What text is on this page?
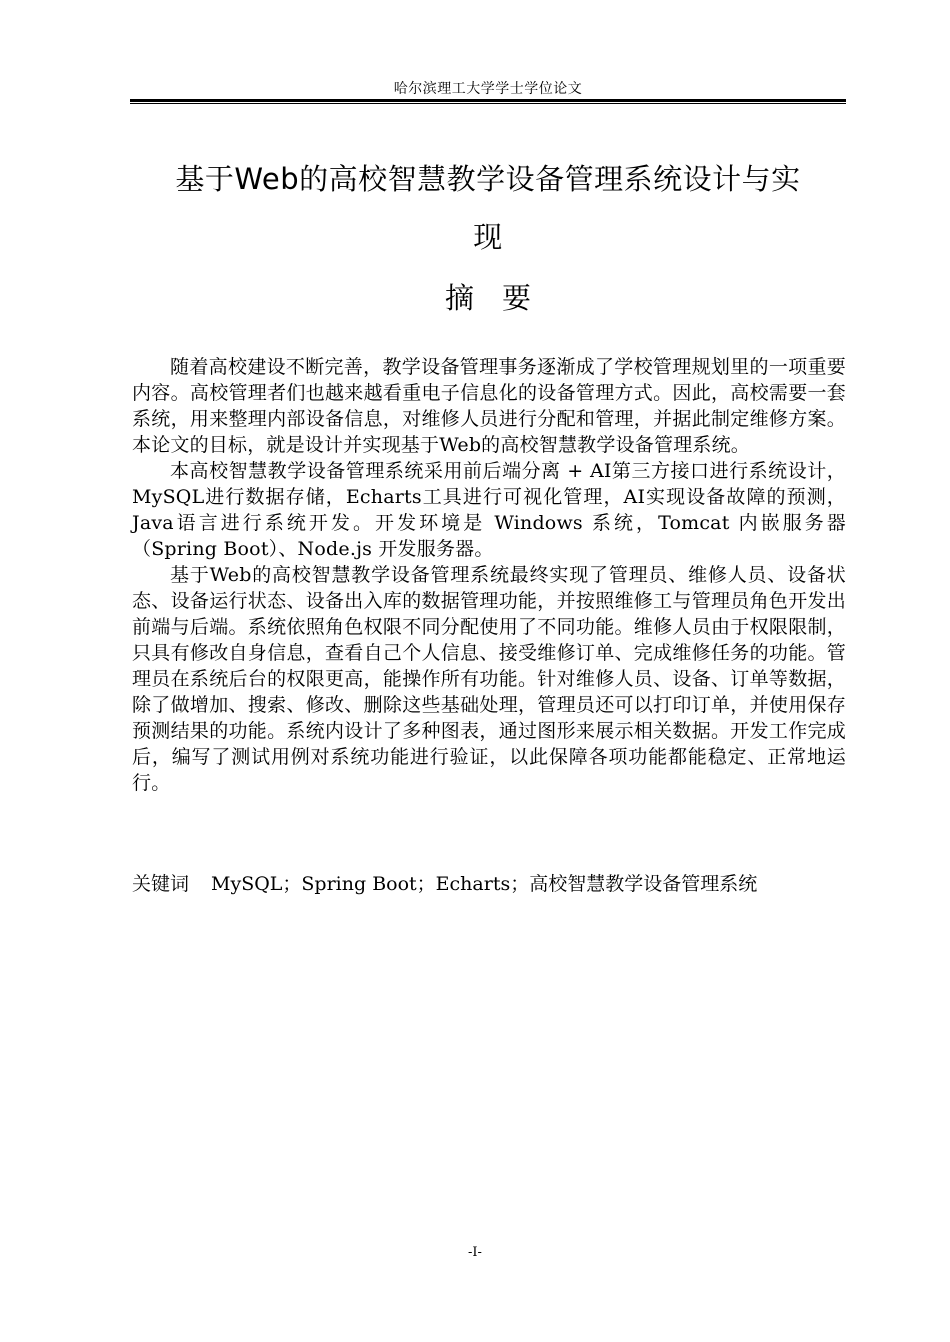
哈尔滨理工大学学士学位论文
基于Web的高校智慧教学设备管理系统设计与实
现
摘要

随着高校建设不断完善，教学设备管理事务逐渐成了学校管理规划里的一项重要内容。高校管理者们也越来越看重电子信息化的设备管理方式。因此，高校需要一套系统，用来整理内部设备信息，对维修人员进行分配和管理，并据此制定维修方案。本论文的目标，就是设计并实现基于Web的高校智慧教学设备管理系统。

本高校智慧教学设备管理系统采用前后端分离 + AI第三方接口进行系统设计，MySQL进行数据存储，Echarts工具进行可视化管理，AI实现设备故障的预测，Java语言进行系统开发。开发环境是 Windows 系统，Tomcat 内嵌服务器（Spring Boot）、Node.js 开发服务器。

基于Web的高校智慧教学设备管理系统最终实现了管理员、维修人员、设备状态、设备运行状态、设备出入库的数据管理功能，并按照维修工与管理员角色开发出前端与后端。系统依照角色权限不同分配使用了不同功能。维修人员由于权限限制，只具有修改自身信息，查看自己个人信息、接受维修订单、完成维修任务的功能。管理员在系统后台的权限更高，能操作所有功能。针对维修人员、设备、订单等数据，除了做增加、搜索、修改、删除这些基础处理，管理员还可以打印订单，并使用保存预测结果的功能。系统内设计了多种图表，通过图形来展示相关数据。开发工作完成后，编写了测试用例对系统功能进行验证，以此保障各项功能都能稳定、正常地运行。

关键词 MySQL；Spring Boot；Echarts；高校智慧教学设备管理系统
-I-
